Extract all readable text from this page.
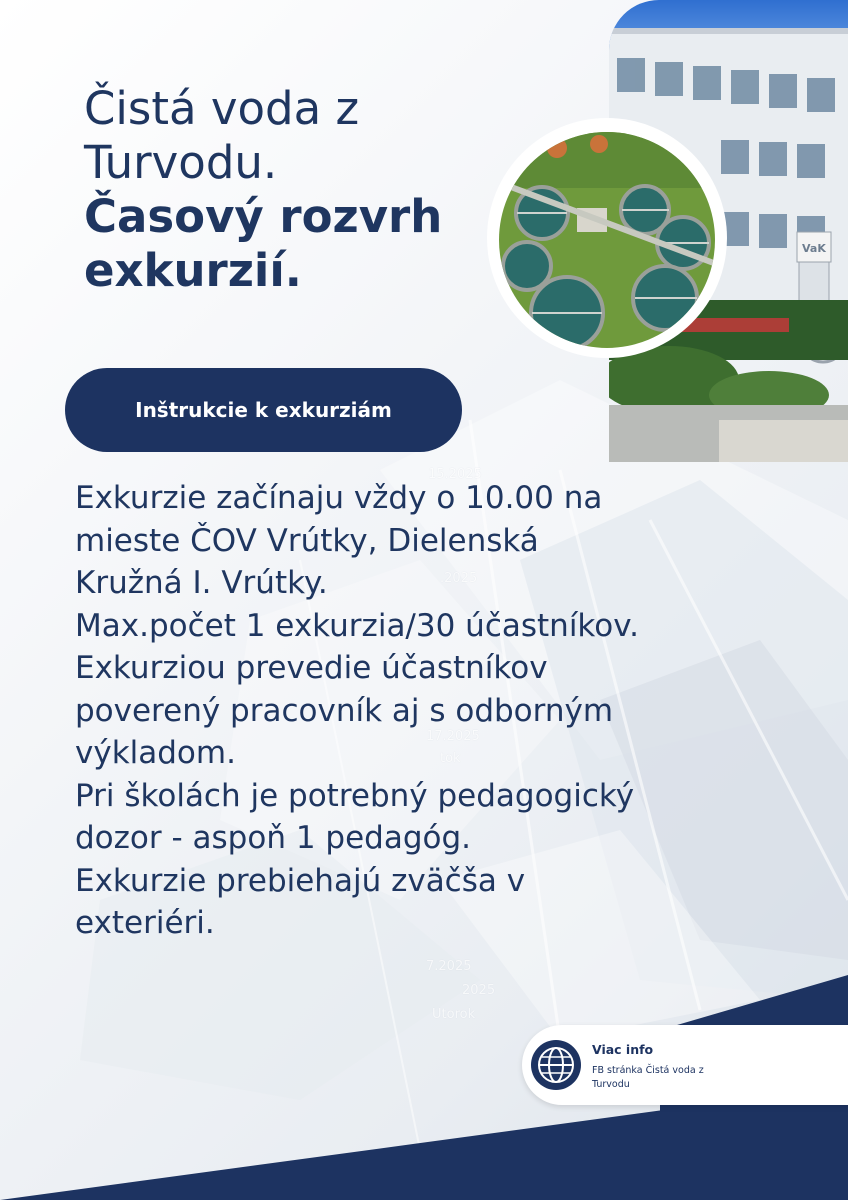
15.2025
.2025
17.2025
tok
7.2025
2025
Utorok
Čistá voda z Turvodu.
Časový rozvrh exkurzií.	VaK
Inštrukcie k exkurziám
Exkurzie začínaju vždy o 10.00 na
mieste ČOV Vrútky, Dielenská
Kružná I. Vrútky.
Max.počet 1 exkurzia/30 účastníkov.
Exkurziou prevedie účastníkov
poverený pracovník aj s odborným
výkladom.
Pri školách je potrebný pedagogický
dozor - aspoň 1 pedagóg.
Exkurzie prebiehajú zväčša v
exteriéri.
Viac info
FB stránka Čistá voda z Turvodu
